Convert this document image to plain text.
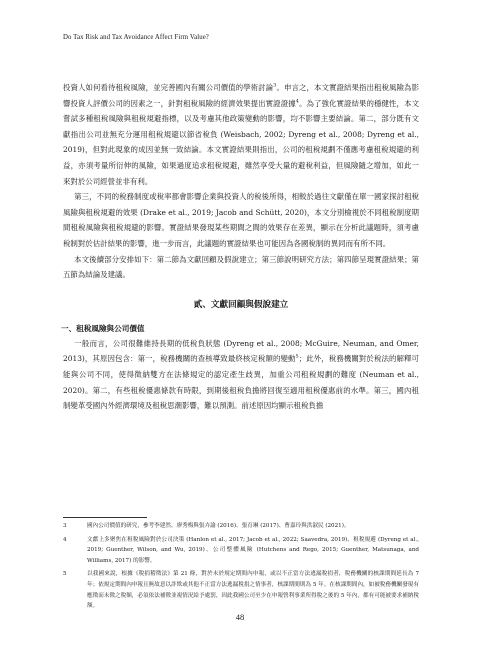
Do Tax Risk and Tax Avoidance Affect Firm Value?

投資人如何看待租稅風險，並完善國內有關公司價值的學術討論$^3$。申言之，本文實證結果指出租稅風險為影響投資人評價公司的因素之一，針對租稅風險的經濟效果提出實證證據$^4$。為了強化實證結果的穩健性，本文嘗試多種租稅風險與租稅規避指標，以及考慮其他政策變動的影響，均不影響主要結論。第二，部分既有文獻指出公司並無充分運用租稅規避以節省稅負 (Weisbach, 2002; Dyreng et al., 2008; Dyreng et al., 2019)，但對此現象的成因並無一致結論。本文實證結果則指出，公司的租稅規劃不僅應考慮租稅規避的利益，亦須考量所衍伸的風險，如果過度追求租稅規避，雖然享受大量的避稅利益，但風險隨之增加，如此一來對於公司經營並非有利。

第三，不同的稅務制度或稅率都會影響企業與投資人的稅後所得，相較於過往文獻僅在單一國家探討租稅風險與租稅規避的效果 (Drake et al., 2019; Jacob and Schütt, 2020)，本文分別檢視於不同租稅制度期間租稅風險與租稅規避的影響。實證結果發現某些期間之間的效果存在差異，顯示在分析此議題時，須考慮稅制對於估計結果的影響，進一步而言，此議題的實證結果也可能因為各國稅制的異同而有所不同。

本文後續部分安排如下：第二節為文獻回顧及假說建立；第三節說明研究方法；第四節呈現實證結果；第五節為結論及建議。

貳、文獻回顧與假說建立
一、租稅風險與公司價值

一般而言，公司很難維持長期的低稅負狀態 (Dyreng et al., 2008; McGuire, Neuman, and Omer, 2013)，其原因包含：第一，稅務機關的查核導致最終核定稅額的變動$^5$；此外，稅務機關對於稅法的解釋可能與公司不同，使得徵納雙方在法條規定的認定產生歧異，加重公司租稅規劃的難度 (Neuman et al., 2020)。第二，有些租稅優惠條款有時限，到期後租稅負擔將回復至適用租稅優惠前的水準。第三，國內租制變革受國內外經濟環境及租稅思潮影響，難以預測。前述原因均顯示租稅負擔

3	國內公司價值的研究，參考李建然、廖秀梅與張卉諭 (2016)、張育琳 (2017)、曹嘉玲與洪淑民 (2021)。
4	文獻上多聚焦在租稅風險對於公司決策 (Hanlon et al., 2017; Jacob et al., 2022; Saavedra, 2019)、租稅規避 (Dyreng et al., 2019; Guenther, Wilson, and Wu, 2019)、公司整體風險 (Hutchens and Rego, 2015; Guenther, Matsunaga, and Williams, 2017) 的影響。
5	以我國來說，根據《稅捐稽徵法》第 21 條，對於未於規定期間內申報，或以不正當方法逃漏稅捐者，稅務機關的核課期間延長為 7 年；依規定期間內申報且無故意以詐欺或其他不正當方法逃漏稅捐之情事者，核課期間則為 5 年。在核課期間內，如被稅務機關發現有應徵而未徵之稅額，必須依法補徵並視情況給予處罰，因此我國公司至少在申報營利事業所得稅之後的 5 年內，都有可能被要求補納稅額。
48
